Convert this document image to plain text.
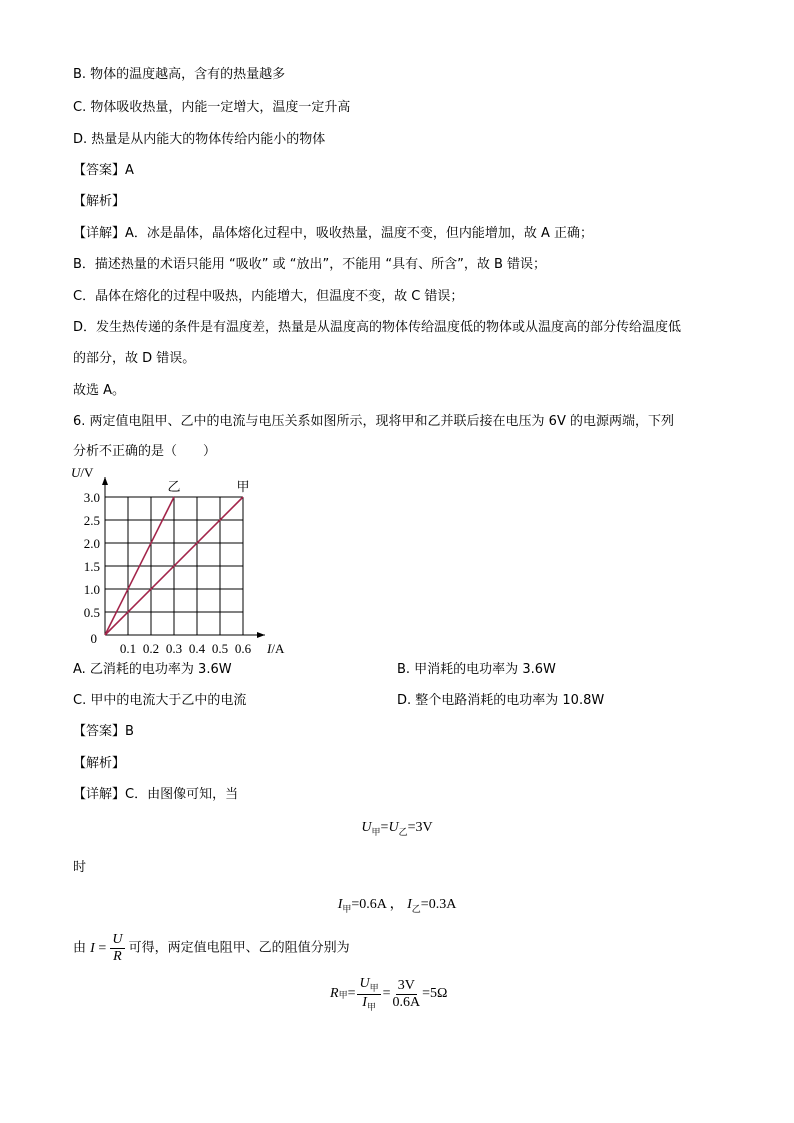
B. 物体的温度越高，含有的热量越多
C. 物体吸收热量，内能一定增大，温度一定升高
D. 热量是从内能大的物体传给内能小的物体
【答案】A
【解析】
【详解】A．冰是晶体，晶体熔化过程中，吸收热量，温度不变，但内能增加，故 A 正确；
B．描述热量的术语只能用 “吸收” 或 “放出”，不能用 “具有、所含”，故 B 错误；
C．晶体在熔化的过程中吸热，内能增大，但温度不变，故 C 错误；
D．发生热传递的条件是有温度差，热量是从温度高的物体传给温度低的物体或从温度高的部分传给温度低
的部分，故 D 错误。
故选 A。
6. 两定值电阻甲、乙中的电流与电压关系如图所示，现将甲和乙并联后接在电压为 6V 的电源两端，下列
分析不正确的是（　　）
0.1 0.2 0.3 0.4 0.5 0.6
0.5
1.0
1.5
2.0
2.5
3.0
0
I/A
U/V
乙	甲
A. 乙消耗的电功率为 3.6W	B. 甲消耗的电功率为 3.6W
C. 甲中的电流大于乙中的电流	D. 整个电路消耗的电功率为 10.8W
【答案】B
【解析】
【详解】C．由图像可知，当
$U_甲=U_乙=3V$
时
$I_甲=0.6A$ ， $I_乙=0.3A$
由 $I = \frac{U}{R}$ 可得，两定值电阻甲、乙的阻值分别为
R 甲 =
$U_甲$
$I_甲$
= $\frac{3V}{0.6A} =5\Omega$
